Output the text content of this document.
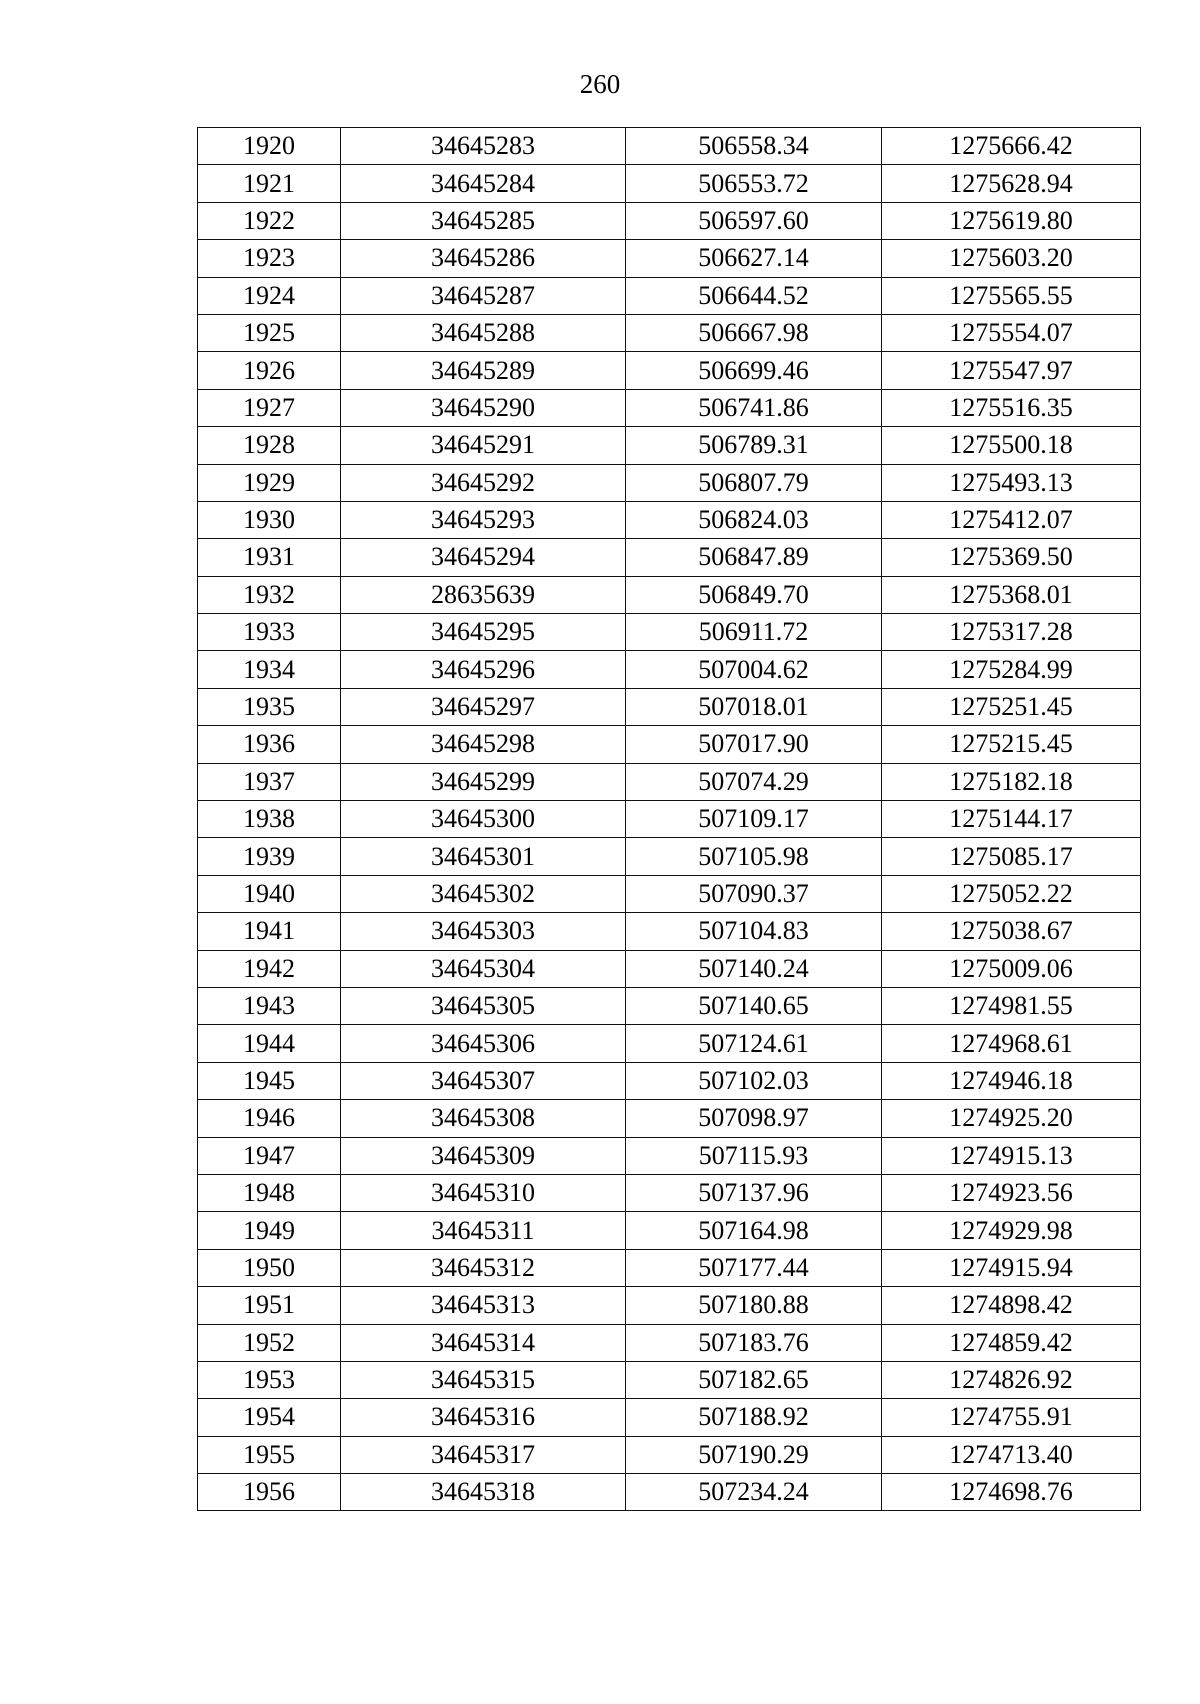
260
1920	34645283	506558.34	1275666.42
1921	34645284	506553.72	1275628.94
1922	34645285	506597.60	1275619.80
1923	34645286	506627.14	1275603.20
1924	34645287	506644.52	1275565.55
1925	34645288	506667.98	1275554.07
1926	34645289	506699.46	1275547.97
1927	34645290	506741.86	1275516.35
1928	34645291	506789.31	1275500.18
1929	34645292	506807.79	1275493.13
1930	34645293	506824.03	1275412.07
1931	34645294	506847.89	1275369.50
1932	28635639	506849.70	1275368.01
1933	34645295	506911.72	1275317.28
1934	34645296	507004.62	1275284.99
1935	34645297	507018.01	1275251.45
1936	34645298	507017.90	1275215.45
1937	34645299	507074.29	1275182.18
1938	34645300	507109.17	1275144.17
1939	34645301	507105.98	1275085.17
1940	34645302	507090.37	1275052.22
1941	34645303	507104.83	1275038.67
1942	34645304	507140.24	1275009.06
1943	34645305	507140.65	1274981.55
1944	34645306	507124.61	1274968.61
1945	34645307	507102.03	1274946.18
1946	34645308	507098.97	1274925.20
1947	34645309	507115.93	1274915.13
1948	34645310	507137.96	1274923.56
1949	34645311	507164.98	1274929.98
1950	34645312	507177.44	1274915.94
1951	34645313	507180.88	1274898.42
1952	34645314	507183.76	1274859.42
1953	34645315	507182.65	1274826.92
1954	34645316	507188.92	1274755.91
1955	34645317	507190.29	1274713.40
1956	34645318	507234.24	1274698.76
